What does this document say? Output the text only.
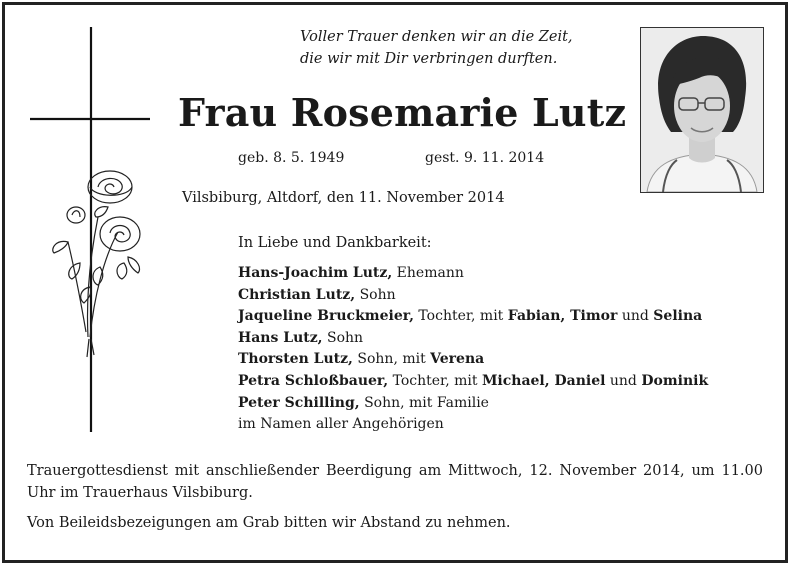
Voller Trauer denken wir an die Zeit,
die wir mit Dir verbringen durften.
Frau Rosemarie Lutz
geb. 8. 5. 1949	gest. 9. 11. 2014
Vilsbiburg, Altdorf, den 11. November 2014
In Liebe und Dankbarkeit:
Hans-Joachim Lutz, Ehemann
Christian Lutz, Sohn
Jaqueline Bruckmeier, Tochter, mit Fabian, Timor und Selina
Hans Lutz, Sohn
Thorsten Lutz, Sohn, mit Verena
Petra Schloßbauer, Tochter, mit Michael, Daniel und Dominik
Peter Schilling, Sohn, mit Familie
im Namen aller Angehörigen
Trauergottesdienst mit anschließender Beerdigung am Mittwoch, 12. November 2014, um 11.00 Uhr im Trauerhaus Vilsbiburg.
Von Beileidsbezeigungen am Grab bitten wir Abstand zu nehmen.
